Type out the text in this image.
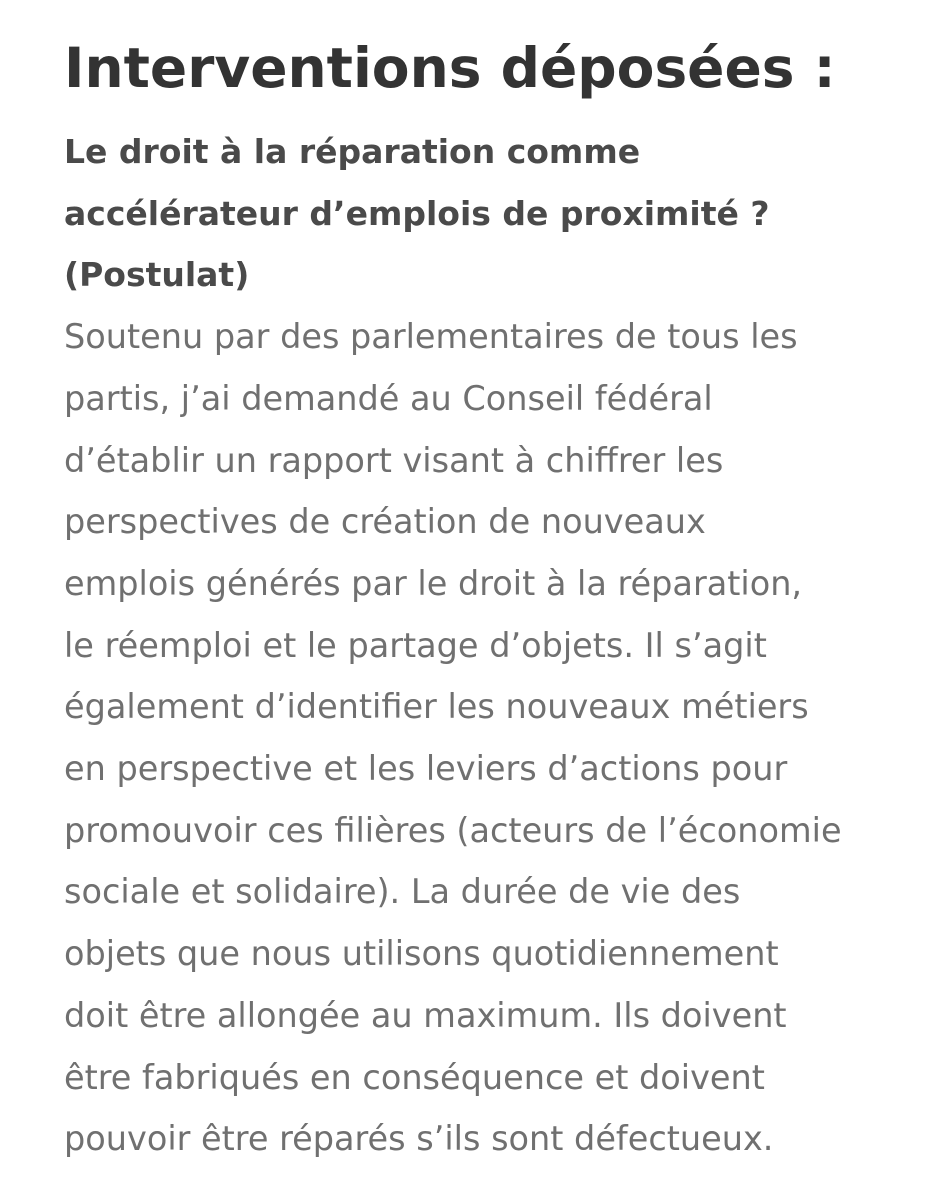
Interventions déposées :
Le droit à la réparation comme
accélérateur d’emplois de proximité ?
(Postulat)

Soutenu par des parlementaires de tous les
partis, j’ai demandé au Conseil fédéral
d’établir un rapport visant à chiffrer les
perspectives de création de nouveaux
emplois générés par le droit à la réparation,
le réemploi et le partage d’objets. Il s’agit
également d’identifier les nouveaux métiers
en perspective et les leviers d’actions pour
promouvoir ces filières (acteurs de l’économie
sociale et solidaire). La durée de vie des
objets que nous utilisons quotidiennement
doit être allongée au maximum. Ils doivent
être fabriqués en conséquence et doivent
pouvoir être réparés s’ils sont défectueux.
